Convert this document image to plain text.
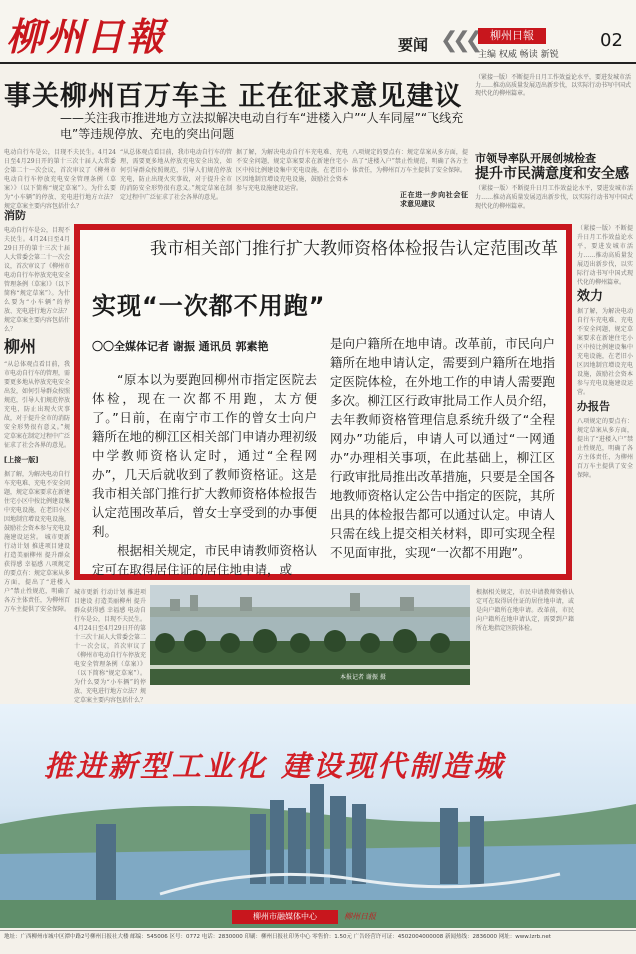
柳州日報	要闻 ❮❮❮	柳州日報
主编 权威 畅读 新锐
02
事关柳州百万车主 正在征求意见建议
——关注我市推进地方立法拟解决电动自行车“进楼入户”“人车同屋”“飞线充电”等违规停放、充电的突出问题
电动自行车是公，目现不夫民生。4月24日至4月29日开的第十三次十届人大常委会第二十一次会议，首次审议了《柳州市电动自行车停放充电安全管理条例（草案）》（以下简称“规定草案”）。为什么要为“小车辆”的停放、充电进行地方立法？规定草案主要内容包括什么？
“从总体观点看目前，我市电动自行车的管理，需要更多地从停放充电安全出发，如何引导群众按照规范，引导人们规范停放充电，防止出现火灾事故，对于提升全市的消防安全形势很有意义。”规定草案在制定过程中广泛征求了社会各界的意见。
据了解，为解决电动自行车充电难、充电不安全问题，规定草案要求在新建住宅小区中按比例建设集中充电设施，在老旧小区因地制宜增设充电设施，鼓励社会资本参与充电设施建设运营。
八项规定的要点有：规定草案从多方面，提出了“进楼入户”禁止性规范，明确了各方主体责任，为柳州百万车主提供了安全保障。
正在进一步向社会征求意见建议
（紧接一版）不断提升日月工作效益论水平，要进发城市活力……推动高质量发展迈出新步伐，以实际行动书写中国式现代化的柳州篇章。
市领导率队开展创城检查
提升市民满意度和安全感
（紧接一版）不断提升日月工作效益论水平，要进发城市活力……推动高质量发展迈出新步伐，以实际行动书写中国式现代化的柳州篇章。
消防
电动自行车是公，目现不夫民生。4月24日至4月29日开的第十三次十届人大常委会第二十一次会议，首次审议了《柳州市电动自行车停放充电安全管理条例（草案）》（以下简称“规定草案”）。为什么要为“小车辆”的停放、充电进行地方立法？规定草案主要内容包括什么？
柳州
“从总体观点看目前，我市电动自行车的管理，需要更多地从停放充电安全出发，如何引导群众按照规范，引导人们规范停放充电，防止出现火灾事故，对于提升全市的消防安全形势很有意义。”规定草案在制定过程中广泛征求了社会各界的意见。
[上接一版]
据了解，为解决电动自行车充电难、充电不安全问题，规定草案要求在新建住宅小区中按比例建设集中充电设施，在老旧小区因地制宜增设充电设施，鼓励社会资本参与充电设施建设运营。 城市更新 行动计划 推进项目建设 打造美丽柳州 提升群众获得感 幸福感 八项规定的要点有：规定草案从多方面，提出了“进楼入户”禁止性规范，明确了各方主体责任，为柳州百万车主提供了安全保障。
（紧接一版）不断提升日月工作效益论水平，要进发城市活力……推动高质量发展迈出新步伐，以实际行动书写中国式现代化的柳州篇章。
效力
据了解，为解决电动自行车充电难、充电不安全问题，规定草案要求在新建住宅小区中按比例建设集中充电设施，在老旧小区因地制宜增设充电设施，鼓励社会资本参与充电设施建设运营。
办报告
八项规定的要点有：规定草案从多方面，提出了“进楼入户”禁止性规范，明确了各方主体责任，为柳州百万车主提供了安全保障。
城市更新 行动计划 推进项目建设 打造美丽柳州 提升群众获得感 幸福感 电动自行车是公，目现不夫民生。4月24日至4月29日开的第十三次十届人大常委会第二十一次会议，首次审议了《柳州市电动自行车停放充电安全管理条例（草案）》（以下简称“规定草案”）。为什么要为“小车辆”的停放、充电进行地方立法？规定草案主要内容包括什么？
根据相关规定，市民申请教师资格认定可在取得居住证的居住地申请，或是向户籍所在地申请。改革前，市民向户籍所在地申请认定，需要到户籍所在地指定医院体检。
我市相关部门推行扩大教师资格体检报告认定范围改革
实现“一次都不用跑”
〇〇全媒体记者 谢振 通讯员 郭素艳

“原本以为要跑回柳州市指定医院去体检，现在一次都不用跑，太方便了。”日前，在南宁市工作的曾女士向户籍所在地的柳江区相关部门申请办理初级中学教师资格认定时，通过“全程网办”，几天后就收到了教师资格证。这是我市相关部门推行扩大教师资格体检报告认定范围改革后，曾女士享受到的办事便利。

根据相关规定，市民申请教师资格认定可在取得居住证的居住地申请，或

是向户籍所在地申请。改革前，市民向户籍所在地申请认定，需要到户籍所在地指定医院体检，在外地工作的申请人需要跑多次。柳江区行政审批局工作人员介绍，去年教师资格管理信息系统升级了“全程网办”功能后，申请人可以通过“一网通办”办理相关事项，在此基础上，柳江区行政审批局推出改革措施，只要是全国各地教师资格认定公告中指定的医院，其所出具的体检报告都可以通过认定。申请人只需在线上提交相关材料，即可实现全程不见面审批，实现“一次都不用跑”。

本报记者 谢振 摄
推进新型工业化 建设现代制造城
柳州市融媒体中心	柳州日报
地址：广西柳州市城中区潭中路2号柳州日报社大楼 邮编：545006 区号：0772 电话：2830000 印刷：柳州日报社印务中心 零售价：1.50元 广告经营许可证：4502004000008 新闻热线：2836000 网址：www.lzrb.net
